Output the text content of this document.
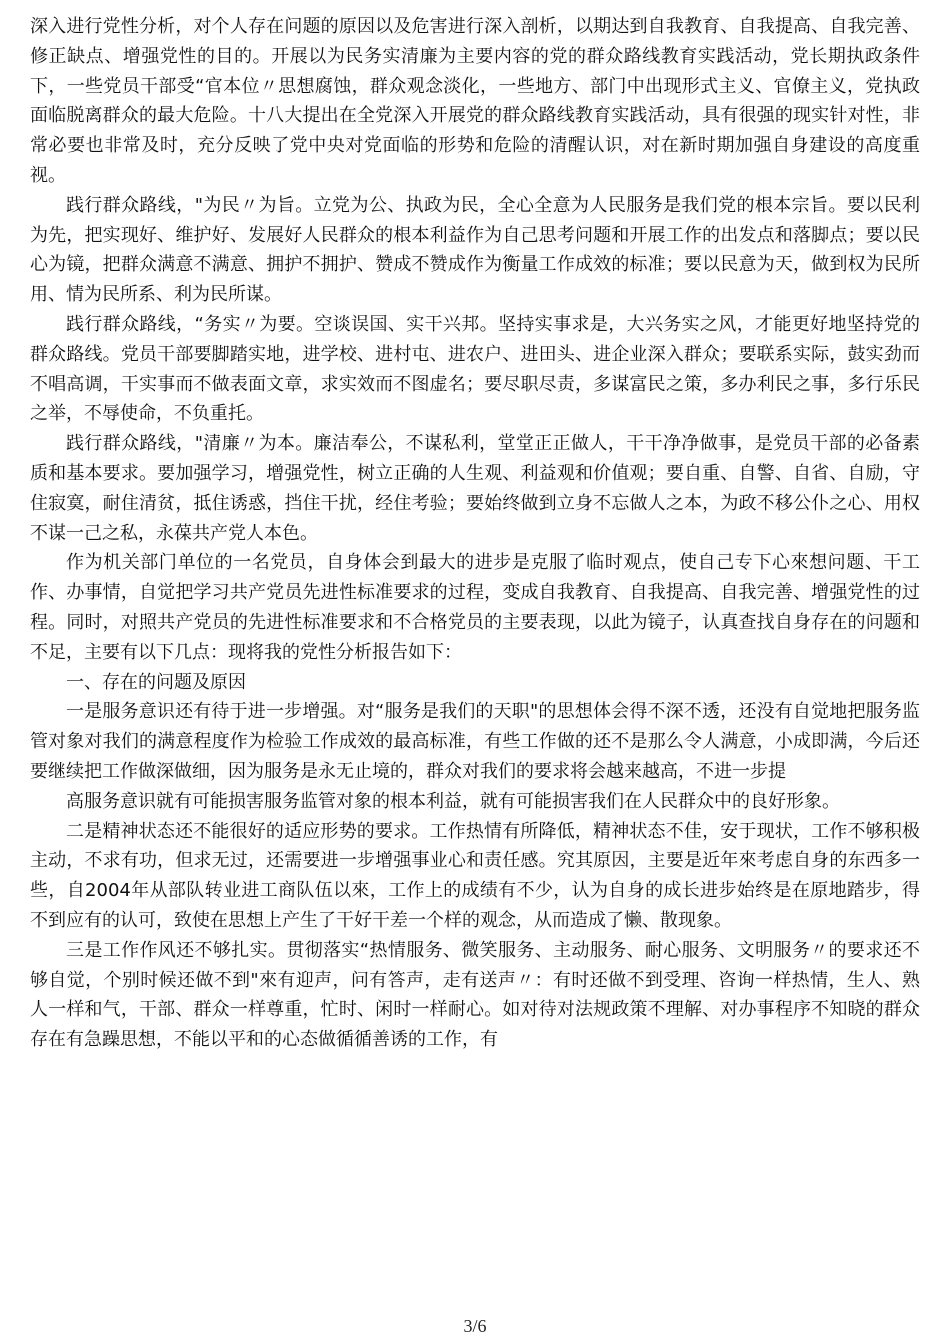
深入进行党性分析，对个人存在问题的原因以及危害进行深入剖析，以期达到自我教育、自我提高、自我完善、修正缺点、增强党性的目的。开展以为民务实清廉为主要内容的党的群众路线教育实践活动，党长期执政条件下，一些党员干部受“官本位〃思想腐蚀，群众观念淡化，一些地方、部门中出现形式主义、官僚主义，党执政面临脱离群众的最大危险。十八大提出在全党深入开展党的群众路线教育实践活动，具有很强的现实针对性，非常必要也非常及时，充分反映了党中央对党面临的形势和危险的清醒认识，对在新时期加强自身建设的高度重视。

践行群众路线，"为民〃为旨。立党为公、执政为民，全心全意为人民服务是我们党的根本宗旨。要以民利为先，把实现好、维护好、发展好人民群众的根本利益作为自己思考问题和开展工作的出发点和落脚点；要以民心为镜，把群众满意不满意、拥护不拥护、赞成不赞成作为衡量工作成效的标准；要以民意为天，做到权为民所用、情为民所系、利为民所谋。

践行群众路线，“务实〃为要。空谈误国、实干兴邦。坚持实事求是，大兴务实之风，才能更好地坚持党的群众路线。党员干部要脚踏实地，进学校、进村屯、进农户、进田头、进企业深入群众；要联系实际，鼓实劲而不唱高调，干实事而不做表面文章，求实效而不图虚名；要尽职尽责，多谋富民之策，多办利民之事，多行乐民之举，不辱使命，不负重托。

践行群众路线，"清廉〃为本。廉洁奉公，不谋私利，堂堂正正做人，干干净净做事，是党员干部的必备素质和基本要求。要加强学习，增强党性，树立正确的人生观、利益观和价值观；要自重、自警、自省、自励，守住寂寞，耐住清贫，抵住诱惑，挡住干扰，经住考验；要始终做到立身不忘做人之本，为政不移公仆之心、用权不谋一己之私，永葆共产党人本色。

作为机关部门单位的一名党员，自身体会到最大的进步是克服了临时观点，使自己专下心來想问题、干工作、办事情，自觉把学习共产党员先进性标准要求的过程，变成自我教育、自我提高、自我完善、增强党性的过程。同时，对照共产党员的先进性标准要求和不合格党员的主要表现，以此为镜子，认真查找自身存在的问题和不足，主要有以下几点：现将我的党性分析报告如下：

一、存在的问题及原因

一是服务意识还有待于进一步增强。对“服务是我们的天职"的思想体会得不深不透，还没有自觉地把服务监管对象对我们的满意程度作为检验工作成效的最高标准，有些工作做的还不是那么令人满意，小成即满，今后还要继续把工作做深做细，因为服务是永无止境的，群众对我们的要求将会越来越高，不进一步提

高服务意识就有可能损害服务监管对象的根本利益，就有可能损害我们在人民群众中的良好形象。

二是精神状态还不能很好的适应形势的要求。工作热情有所降低，精神状态不佳，安于现状，工作不够积极主动，不求有功，但求无过，还需要进一步增强事业心和责任感。究其原因，主要是近年來考虑自身的东西多一些，自2004年从部队转业进工商队伍以來，工作上的成绩有不少，认为自身的成长进步始终是在原地踏步，得不到应有的认可，致使在思想上产生了干好干差一个样的观念，从而造成了懒、散现象。

三是工作作风还不够扎实。贯彻落实“热情服务、微笑服务、主动服务、耐心服务、文明服务〃的要求还不够自觉，个别时候还做不到"來有迎声，问有答声，走有送声〃：有时还做不到受理、咨询一样热情，生人、熟人一样和气，干部、群众一样尊重，忙时、闲时一样耐心。如对待对法规政策不理解、对办事程序不知晓的群众存在有急躁思想，不能以平和的心态做循循善诱的工作，有

3/6
